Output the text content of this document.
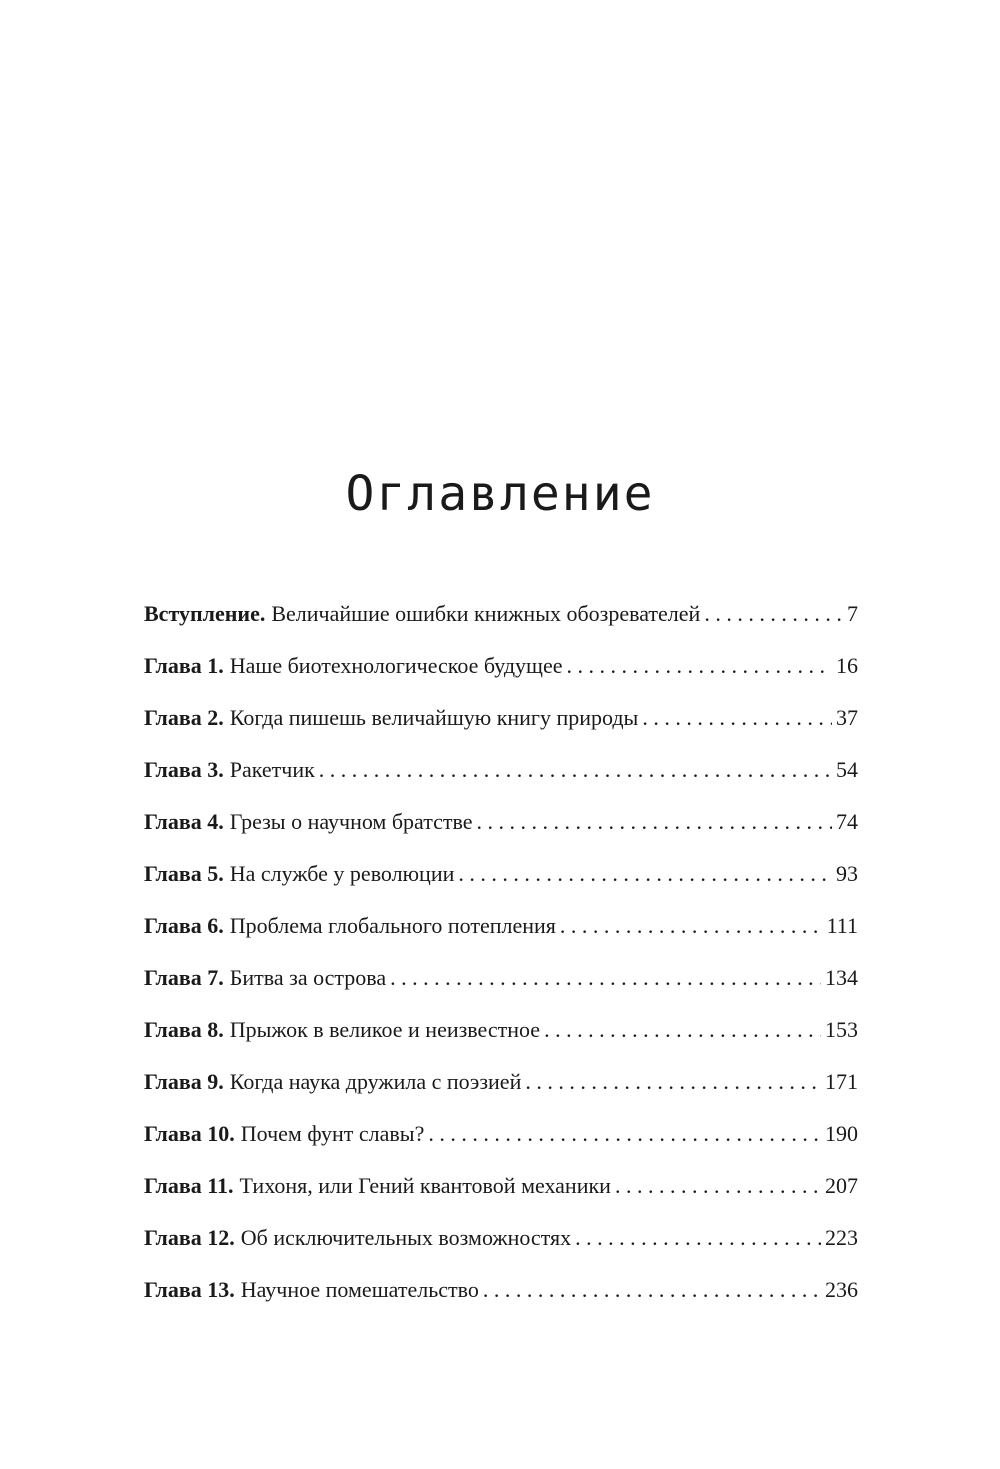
Оглавление
Вступление. Величайшие ошибки книжных обозревателей . . .	7
Глава 1. Наше биотехнологическое будущее . . .	16
Глава 2. Когда пишешь величайшую книгу природы . . .	37
Глава 3. Ракетчик . . .	54
Глава 4. Грезы о научном братстве . . .	74
Глава 5. На службе у революции . . .	93
Глава 6. Проблема глобального потепления . . .	111
Глава 7. Битва за острова . . .	134
Глава 8. Прыжок в великое и неизвестное . . .	153
Глава 9. Когда наука дружила с поэзией . . .	171
Глава 10. Почем фунт славы? . . .	190
Глава 11. Тихоня, или Гений квантовой механики . . .	207
Глава 12. Об исключительных возможностях . . .	223
Глава 13. Научное помешательство . . .	236
